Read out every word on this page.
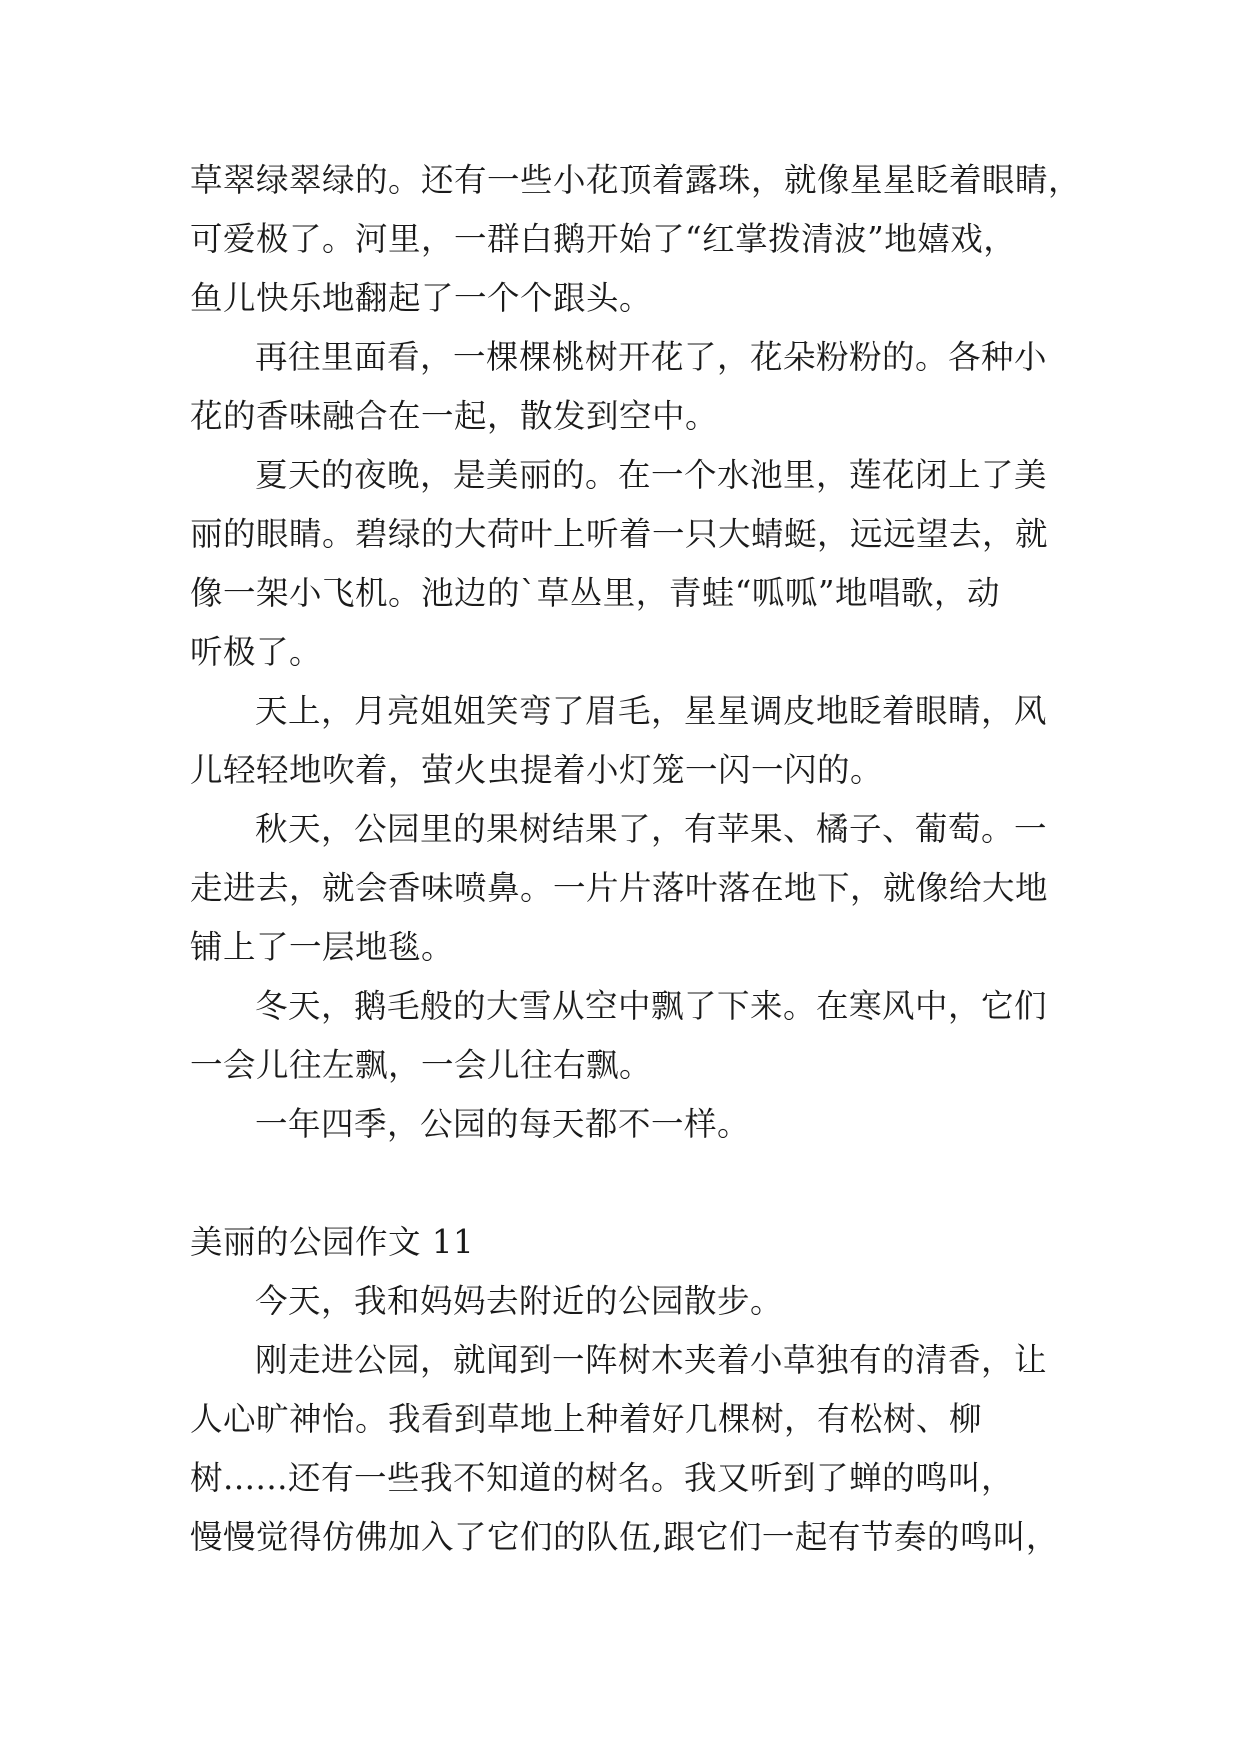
草翠绿翠绿的。还有一些小花顶着露珠，就像星星眨着眼睛，
可爱极了。河里，一群白鹅开始了“红掌拨清波”地嬉戏，
鱼儿快乐地翻起了一个个跟头。
再往里面看，一棵棵桃树开花了，花朵粉粉的。各种小
花的香味融合在一起，散发到空中。
夏天的夜晚，是美丽的。在一个水池里，莲花闭上了美
丽的眼睛。碧绿的大荷叶上听着一只大蜻蜓，远远望去，就
像一架小飞机。池边的`草丛里，青蛙“呱呱”地唱歌，动
听极了。
天上，月亮姐姐笑弯了眉毛，星星调皮地眨着眼睛，风
儿轻轻地吹着，萤火虫提着小灯笼一闪一闪的。
秋天，公园里的果树结果了，有苹果、橘子、葡萄。一
走进去，就会香味喷鼻。一片片落叶落在地下，就像给大地
铺上了一层地毯。
冬天，鹅毛般的大雪从空中飘了下来。在寒风中，它们
一会儿往左飘，一会儿往右飘。
一年四季，公园的每天都不一样。
美丽的公园作文 11
今天，我和妈妈去附近的公园散步。
刚走进公园，就闻到一阵树木夹着小草独有的清香，让
人心旷神怡。我看到草地上种着好几棵树，有松树、柳
树......还有一些我不知道的树名。我又听到了蝉的鸣叫，
慢慢觉得仿佛加入了它们的队伍,跟它们一起有节奏的鸣叫，
